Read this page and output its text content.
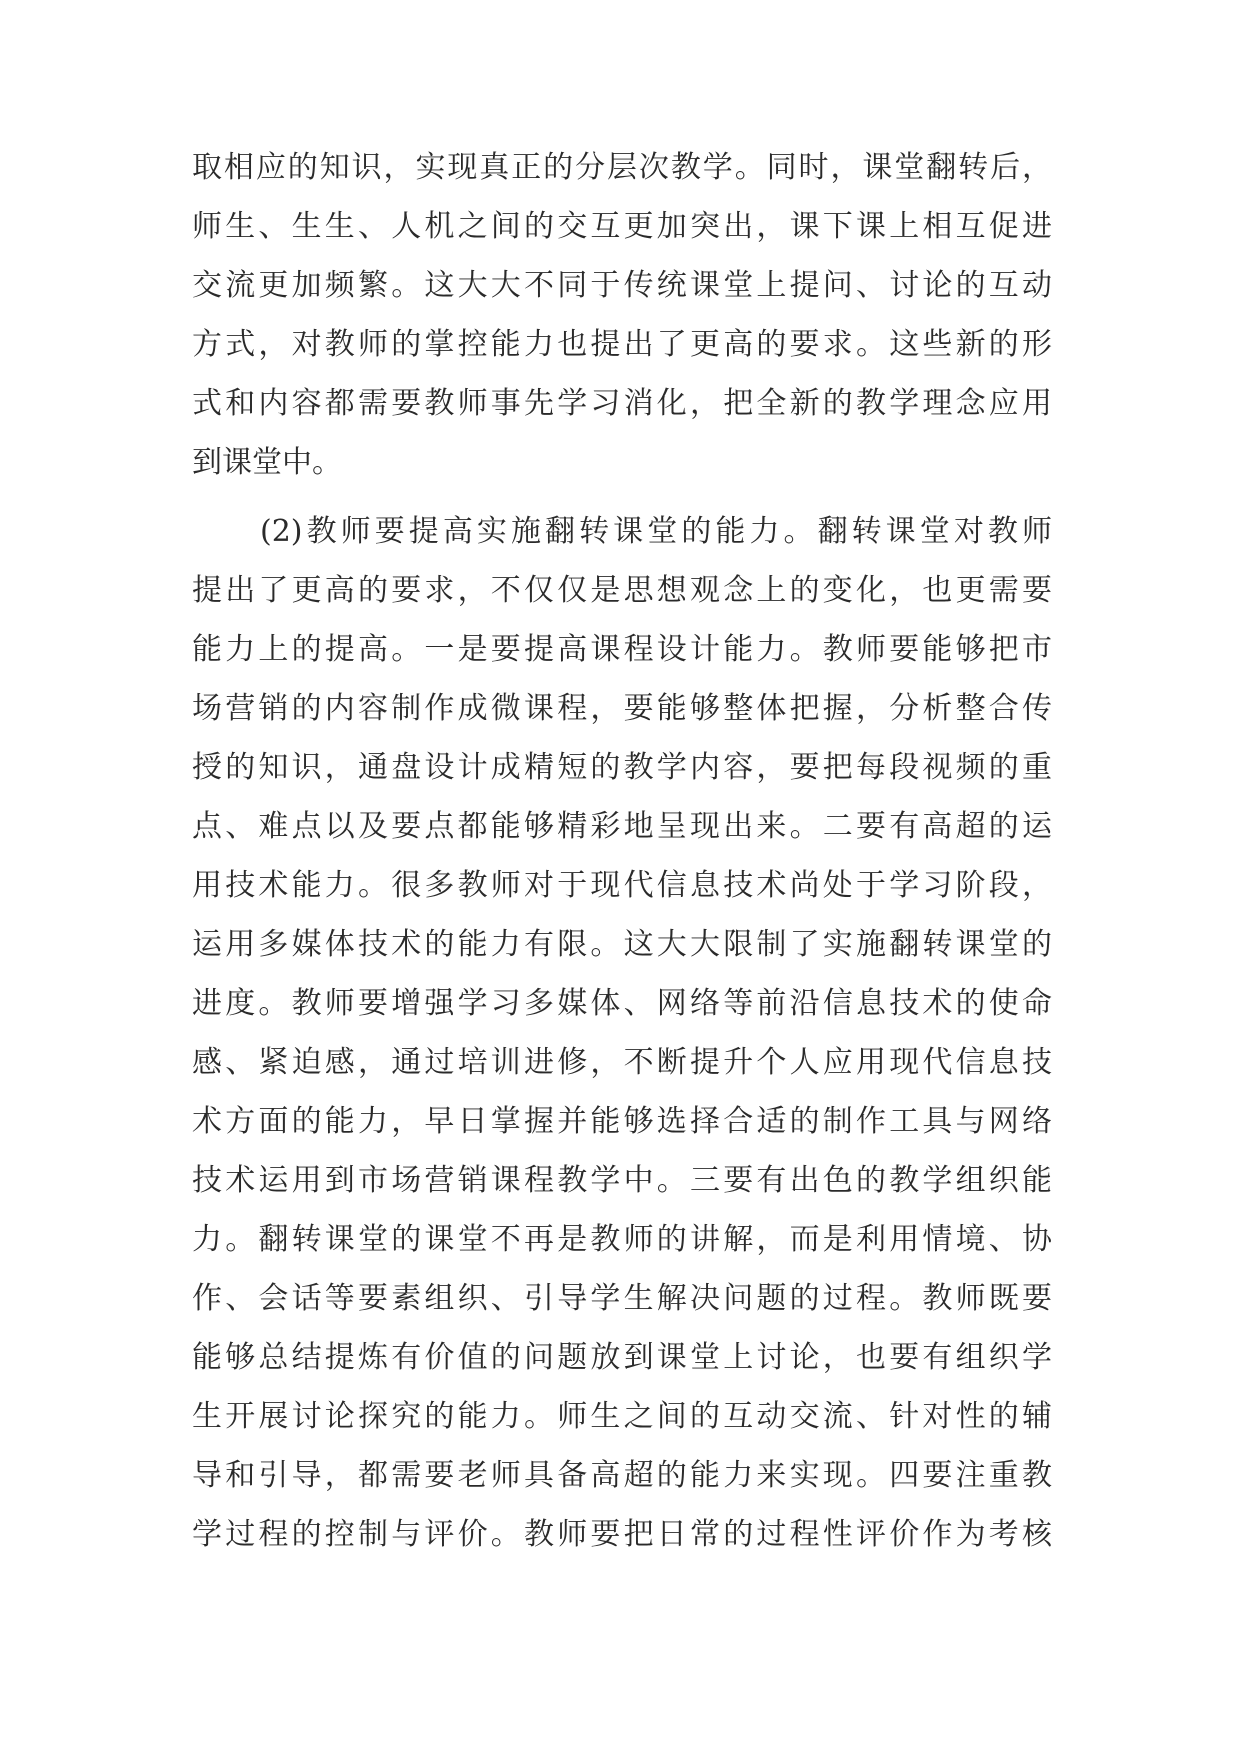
取相应的知识，实现真正的分层次教学。同时，课堂翻转后，
师生、生生、人机之间的交互更加突出，课下课上相互促进
交流更加频繁。这大大不同于传统课堂上提问、讨论的互动
方式，对教师的掌控能力也提出了更高的要求。这些新的形
式和内容都需要教师事先学习消化，把全新的教学理念应用
到课堂中。
(2)教师要提高实施翻转课堂的能力。翻转课堂对教师
提出了更高的要求，不仅仅是思想观念上的变化，也更需要
能力上的提高。一是要提高课程设计能力。教师要能够把市
场营销的内容制作成微课程，要能够整体把握，分析整合传
授的知识，通盘设计成精短的教学内容，要把每段视频的重
点、难点以及要点都能够精彩地呈现出来。二要有高超的运
用技术能力。很多教师对于现代信息技术尚处于学习阶段，
运用多媒体技术的能力有限。这大大限制了实施翻转课堂的
进度。教师要增强学习多媒体、网络等前沿信息技术的使命
感、紧迫感，通过培训进修，不断提升个人应用现代信息技
术方面的能力，早日掌握并能够选择合适的制作工具与网络
技术运用到市场营销课程教学中。三要有出色的教学组织能
力。翻转课堂的课堂不再是教师的讲解，而是利用情境、协
作、会话等要素组织、引导学生解决问题的过程。教师既要
能够总结提炼有价值的问题放到课堂上讨论，也要有组织学
生开展讨论探究的能力。师生之间的互动交流、针对性的辅
导和引导，都需要老师具备高超的能力来实现。四要注重教
学过程的控制与评价。教师要把日常的过程性评价作为考核
